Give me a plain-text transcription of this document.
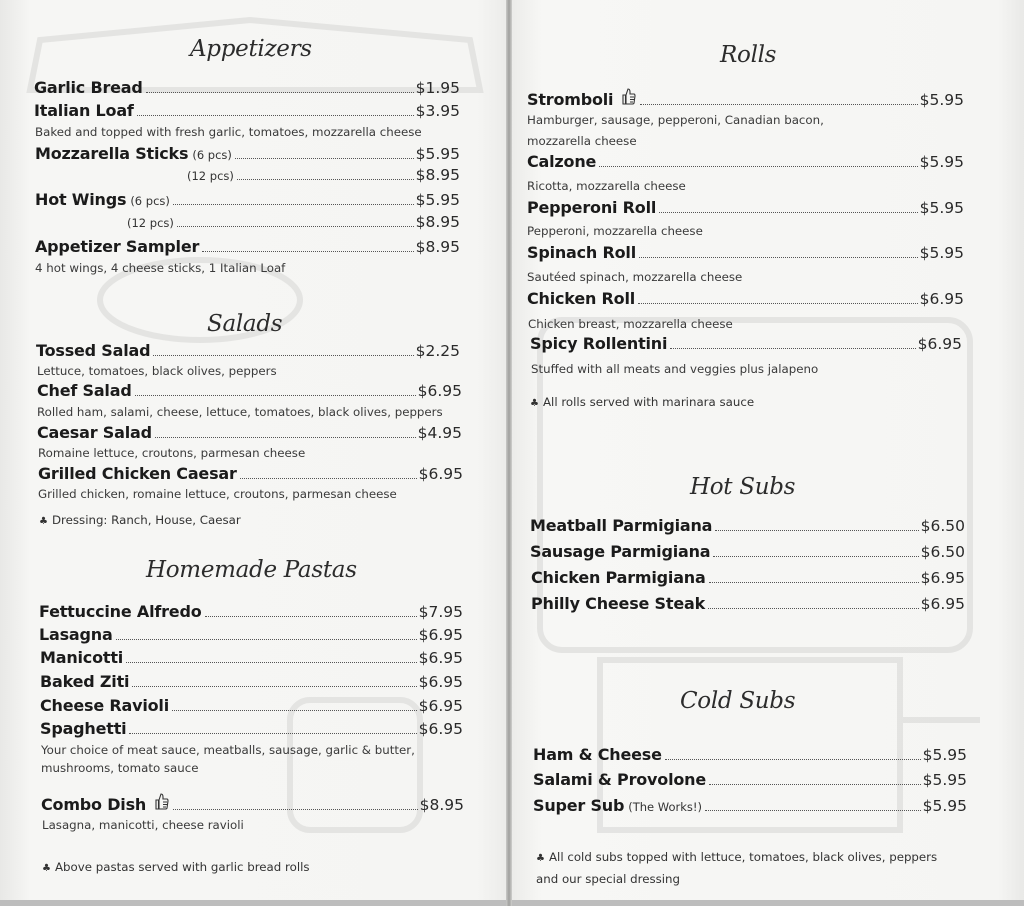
Appetizers
Garlic Bread	$1.95
Italian Loaf	$3.95
Baked and topped with fresh garlic, tomatoes, mozzarella cheese
Mozzarella Sticks (6 pcs)	$5.95
(12 pcs)	$8.95
Hot Wings (6 pcs)	$5.95
(12 pcs)	$8.95
Appetizer Sampler	$8.95
4 hot wings, 4 cheese sticks, 1 Italian Loaf
Salads
Tossed Salad	$2.25
Lettuce, tomatoes, black olives, peppers
Chef Salad	$6.95
Rolled ham, salami, cheese, lettuce, tomatoes, black olives, peppers
Caesar Salad	$4.95
Romaine lettuce, croutons, parmesan cheese
Grilled Chicken Caesar	$6.95
Grilled chicken, romaine lettuce, croutons, parmesan cheese
♣ Dressing: Ranch, House, Caesar
Homemade Pastas
Fettuccine Alfredo	$7.95
Lasagna	$6.95
Manicotti	$6.95
Baked Ziti	$6.95
Cheese Ravioli	$6.95
Spaghetti	$6.95
Your choice of meat sauce, meatballs, sausage, garlic & butter,
mushrooms, tomato sauce
Combo Dish	$8.95
Lasagna, manicotti, cheese ravioli
♣ Above pastas served with garlic bread rolls
Rolls
Stromboli	$5.95
Hamburger, sausage, pepperoni, Canadian bacon,
mozzarella cheese
Calzone	$5.95
Ricotta, mozzarella cheese
Pepperoni Roll	$5.95
Pepperoni, mozzarella cheese
Spinach Roll	$5.95
Sautéed spinach, mozzarella cheese
Chicken Roll	$6.95
Chicken breast, mozzarella cheese
Spicy Rollentini	$6.95
Stuffed with all meats and veggies plus jalapeno
♣ All rolls served with marinara sauce
Hot Subs
Meatball Parmigiana	$6.50
Sausage Parmigiana	$6.50
Chicken Parmigiana	$6.95
Philly Cheese Steak	$6.95
Cold Subs
Ham & Cheese	$5.95
Salami & Provolone	$5.95
Super Sub (The Works!)	$5.95
♣ All cold subs topped with lettuce, tomatoes, black olives, peppers
and our special dressing
